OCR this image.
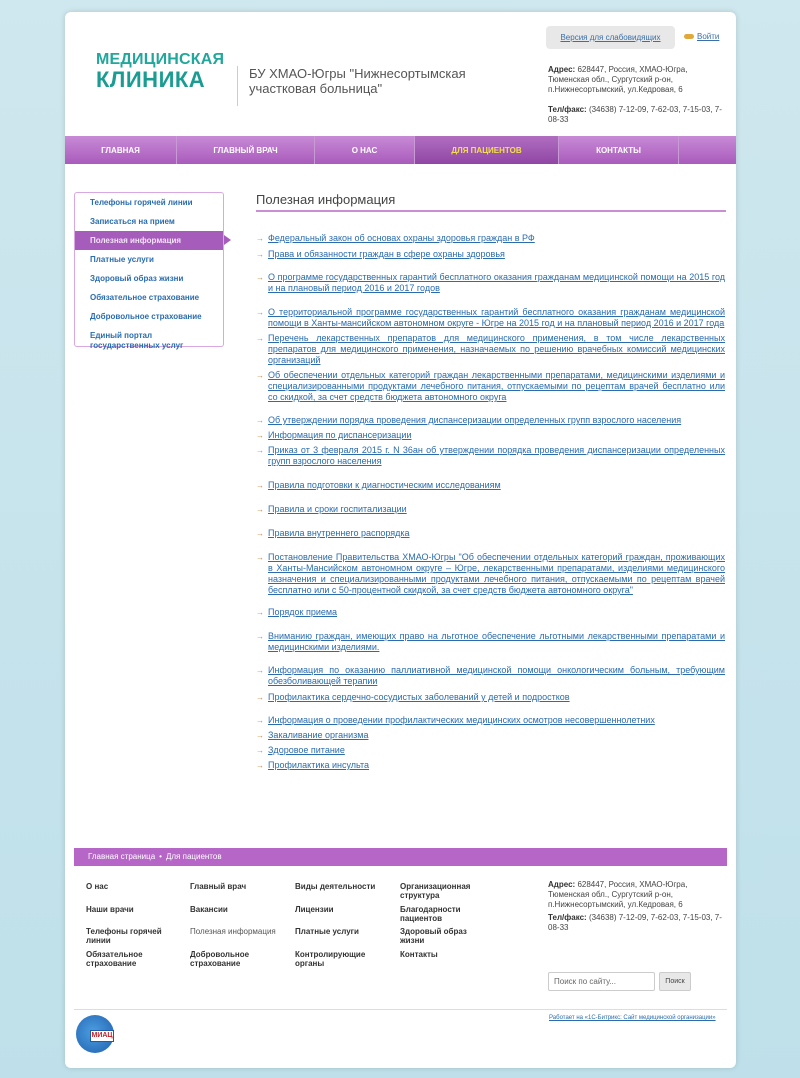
МЕДИЦИНСКАЯ
КЛИНИКА	БУ ХМАО-Югры "Нижнесортымская участковая больница"
Версия для слабовидящих	Войти
Адрес: 628447, Россия, ХМАО-Югра, Тюменская обл., Сургутский р-он, п.Нижнесортымский, ул.Кедровая, 6
Тел/факс: (34638) 7-12-09, 7-62-03, 7-15-03, 7-08-33
ГЛАВНАЯ	ГЛАВНЫЙ ВРАЧ	О НАС	ДЛЯ ПАЦИЕНТОВ	КОНТАКТЫ
Телефоны горячей линии
Записаться на прием
Полезная информация
Платные услуги
Здоровый образ жизни
Обязательное страхование
Добровольное страхование
Единый портал государственных услуг
Полезная информация
→ Федеральный закон об основах охраны здоровья граждан в РФ
→ Права и обязанности граждан в сфере охраны здоровья
→ О программе государственных гарантий бесплатного оказания гражданам медицинской помощи на 2015 год и на плановый период 2016 и 2017 годов
→ О территориальной программе государственных гарантий бесплатного оказания гражданам медицинской помощи в Ханты-мансийском автономном округе - Югре на 2015 год и на плановый период 2016 и 2017 года
→ Перечень лекарственных препаратов для медицинского применения, в том числе лекарственных препаратов для медицинского применения, назначаемых по решению врачебных комиссий медицинских организаций
→ Об обеспечении отдельных категорий граждан лекарственными препаратами, медицинскими изделиями и специализированными продуктами лечебного питания, отпускаемыми по рецептам врачей бесплатно или со скидкой, за счет средств бюджета автономного округа
→ Об утверждении порядка проведения диспансеризации определенных групп взрослого населения
→ Информация по диспансеризации
→ Приказ от 3 февраля 2015 г. N 36ан об утверждении порядка проведения диспансеризации определенных групп взрослого населения
→ Правила подготовки к диагностическим исследованиям
→ Правила и сроки госпитализации
→ Правила внутреннего распорядка
→ Постановление Правительства ХМАО-Югры "Об обеспечении отдельных категорий граждан, проживающих в Ханты-Мансийском автономном округе – Югре, лекарственными препаратами, изделиями медицинского назначения и специализированными продуктами лечебного питания, отпускаемыми по рецептам врачей бесплатно или с 50-процентной скидкой, за счет средств бюджета автономного округа"
→ Порядок приема
→ Вниманию граждан, имеющих право на льготное обеспечение льготными лекарственными препаратами и медицинскими изделиями.
→ Информация по оказанию паллиативной медицинской помощи онкологическим больным, требующим обезболивающей терапии
→ Профилактика сердечно-сосудистых заболеваний у детей и подростков
→ Информация о проведении профилактических медицинских осмотров несовершеннолетних
→ Закаливание организма
→ Здоровое питание
→ Профилактика инсульта
Главная страница • Для пациентов
О нас
Наши врачи
Телефоны горячей линии
Обязательное страхование
Главный врач
Вакансии
Полезная информация
Добровольное страхование
Виды деятельности
Лицензии
Платные услуги
Контролирующие органы
Организационная структура
Благодарности пациентов
Здоровый образ жизни
Контакты
Адрес: 628447, Россия, ХМАО-Югра, Тюменская обл., Сургутский р-он, п.Нижнесортымский, ул.Кедровая, 6
Тел/факс: (34638) 7-12-09, 7-62-03, 7-15-03, 7-08-33
Поиск по сайту...
Поиск
МИАЦ
Работает на «1С-Битрикс: Сайт медицинской организации»
